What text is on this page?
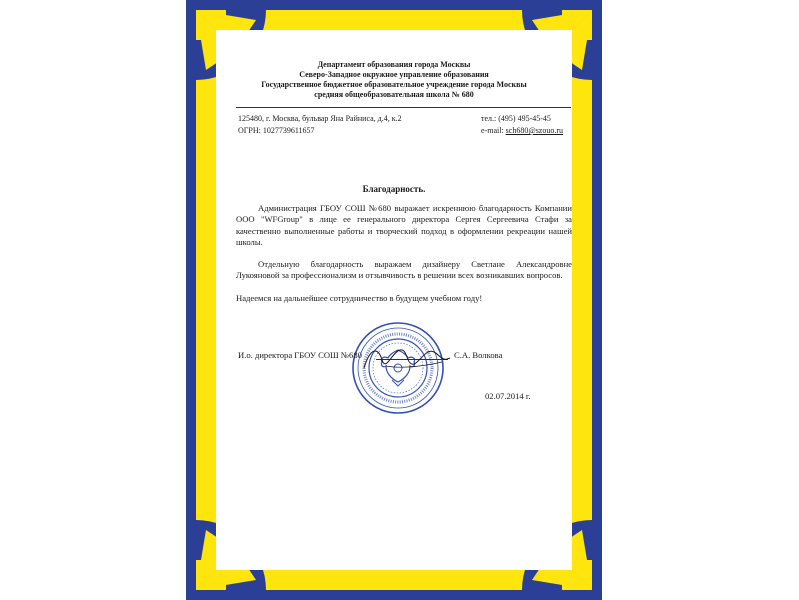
Департамент образования города Москвы
Северо-Западное окружное управление образования
Государственное бюджетное образовательное учреждение города Москвы
средняя общеобразовательная школа № 680
125480, г. Москва, бульвар Яна Райниса, д.4, к.2
ОГРН: 1027739611657
тел.: (495) 495-45-45
e-mail: sch680@szouo.ru
Благодарность.
Администрация ГБОУ СОШ №680 выражает искреннюю благодарность Компании ООО "WFGroup" в лице ее генерального директора Сергея Сергеевича Стафи за качественно выполненные работы и творческий подход в оформлении рекреации нашей школы.
Отдельную благодарность выражаем дизайнеру Светлане Александровне Лукояновой за профессионализм и отзывчивость в решении всех возникавших вопросов.
Надеемся на дальнейшее сотрудничество в будущем учебном году!
И.о. директора ГБОУ СОШ №680	С.А. Волкова
02.07.2014 г.
